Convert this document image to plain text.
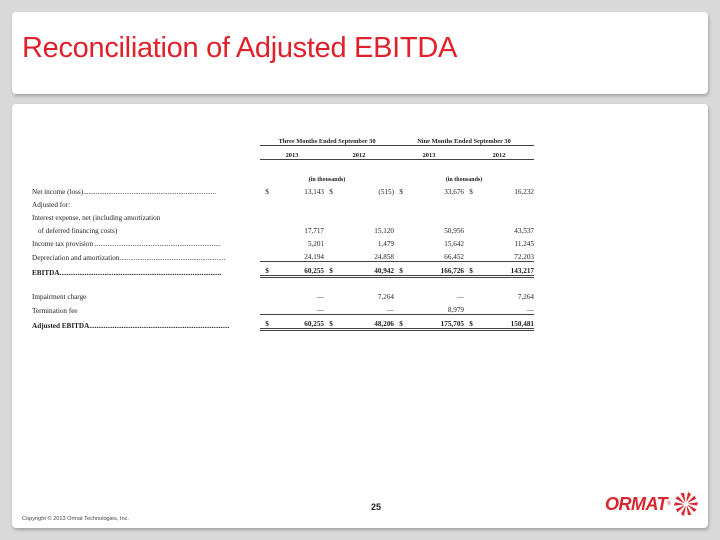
Reconciliation of Adjusted EBITDA
	Three Months Ended September 30				Nine Months Ended September 30				
	2013		2012		2013		2012		

	(in thousands)				(in thousands)				
Net income (loss)..........................................................................	$	13,143	$	(515)	$	33,676	$	16,232	
Adjusted for:									
Interest expense, net (including amortization									
of deferred financing costs)		17,717		15,120		50,956		43,537	
Income tax provision ......................................................................		5,201		1,479		15,642		11,245	
Depreciation and amortization...........................................................		24,194		24,858		66,452		72,203	
EBITDA..........................................................................................	$	60,255	$	40,942	$	166,726	$	143,217	

Impairment charge		—		7,264		—		7,264	
Termination fee		—		—		8,979		—	
Adjusted EBITDA..............................................................................	$	60,255	$	48,206	$	175,705	$	150,481	
25
Copyright © 2013 Ormat Technologies, Inc.
ORMAT ®
